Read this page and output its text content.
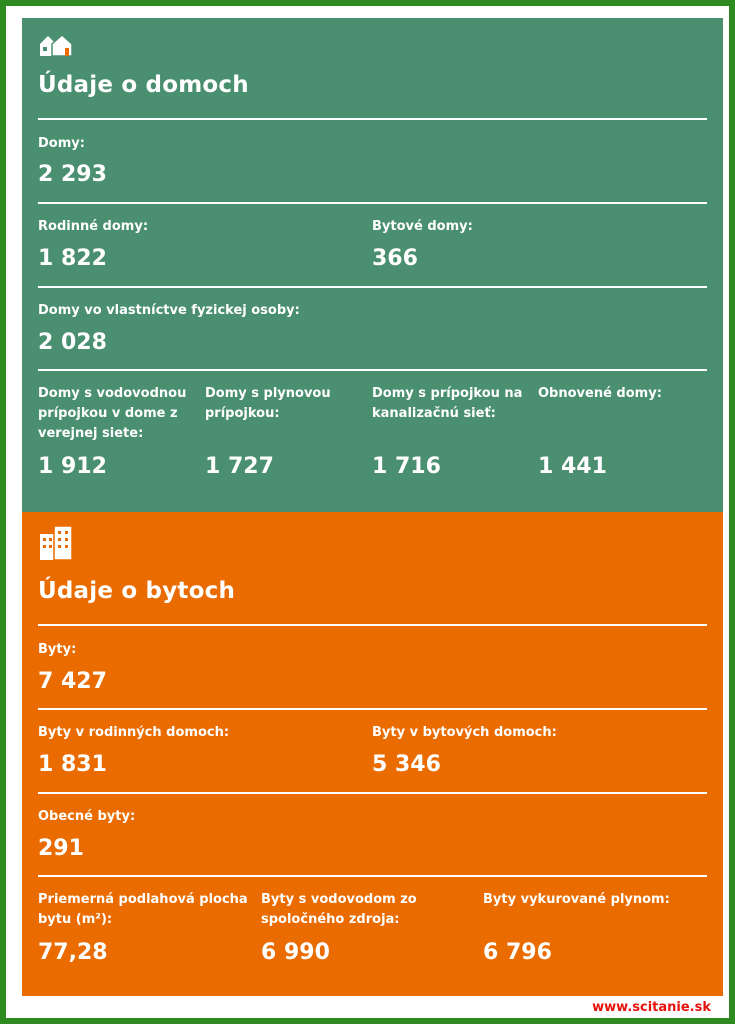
Údaje o domoch
Domy:
2 293
Rodinné domy:
1 822
Bytové domy:
366
Domy vo vlastníctve fyzickej osoby:
2 028
Domy s vodovodnou
prípojkou v dome z
verejnej siete:
1 912
Domy s plynovou
prípojkou:
1 727
Domy s prípojkou na
kanalizačnú sieť:
1 716
Obnovené domy:
1 441
Údaje o bytoch
Byty:
7 427
Byty v rodinných domoch:
1 831
Byty v bytových domoch:
5 346
Obecné byty:
291
Priemerná podlahová plocha
bytu (m²):
77,28
Byty s vodovodom zo
spoločného zdroja:
6 990
Byty vykurované plynom:
6 796
www.scitanie.sk
